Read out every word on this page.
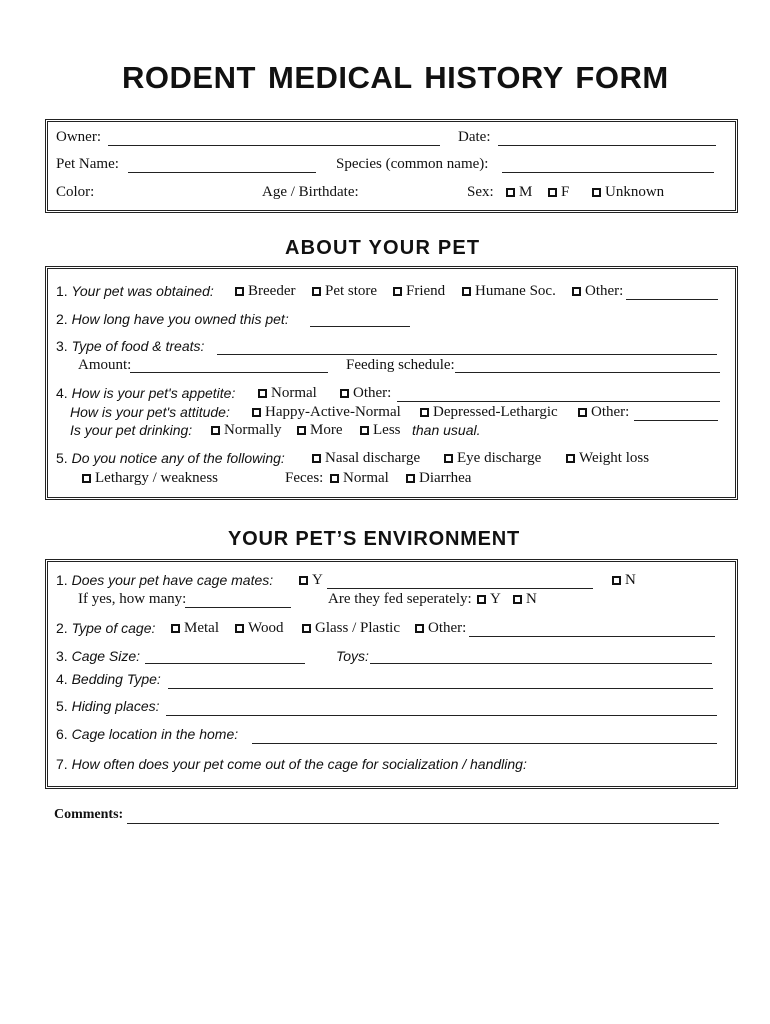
RODENT MEDICAL HISTORY FORM
Owner:	Date:
Pet Name:	Species (common name):
Color:	Age / Birthdate:	Sex:	M	F	Unknown
ABOUT YOUR PET
1. Your pet was obtained:	Breeder	Pet store	Friend	Humane Soc.	Other:
2. How long have you owned this pet:
3. Type of food & treats:
Amount:	Feeding schedule:
4. How is your pet's appetite:	Normal	Other:
How is your pet's attitude:	Happy-Active-Normal	Depressed-Lethargic	Other:
Is your pet drinking:	Normally	More	Less than usual.
5. Do you notice any of the following:	Nasal discharge	Eye discharge	Weight loss
Lethargy / weakness	Feces:	Normal	Diarrhea
YOUR PET’S ENVIRONMENT
1. Does your pet have cage mates:	Y	N
If yes, how many:	Are they fed seperately:	Y	N
2. Type of cage:	Metal	Wood	Glass / Plastic	Other:
3. Cage Size:	Toys:
4. Bedding Type:
5. Hiding places:
6. Cage location in the home:
7. How often does your pet come out of the cage for socialization / handling:
Comments:
